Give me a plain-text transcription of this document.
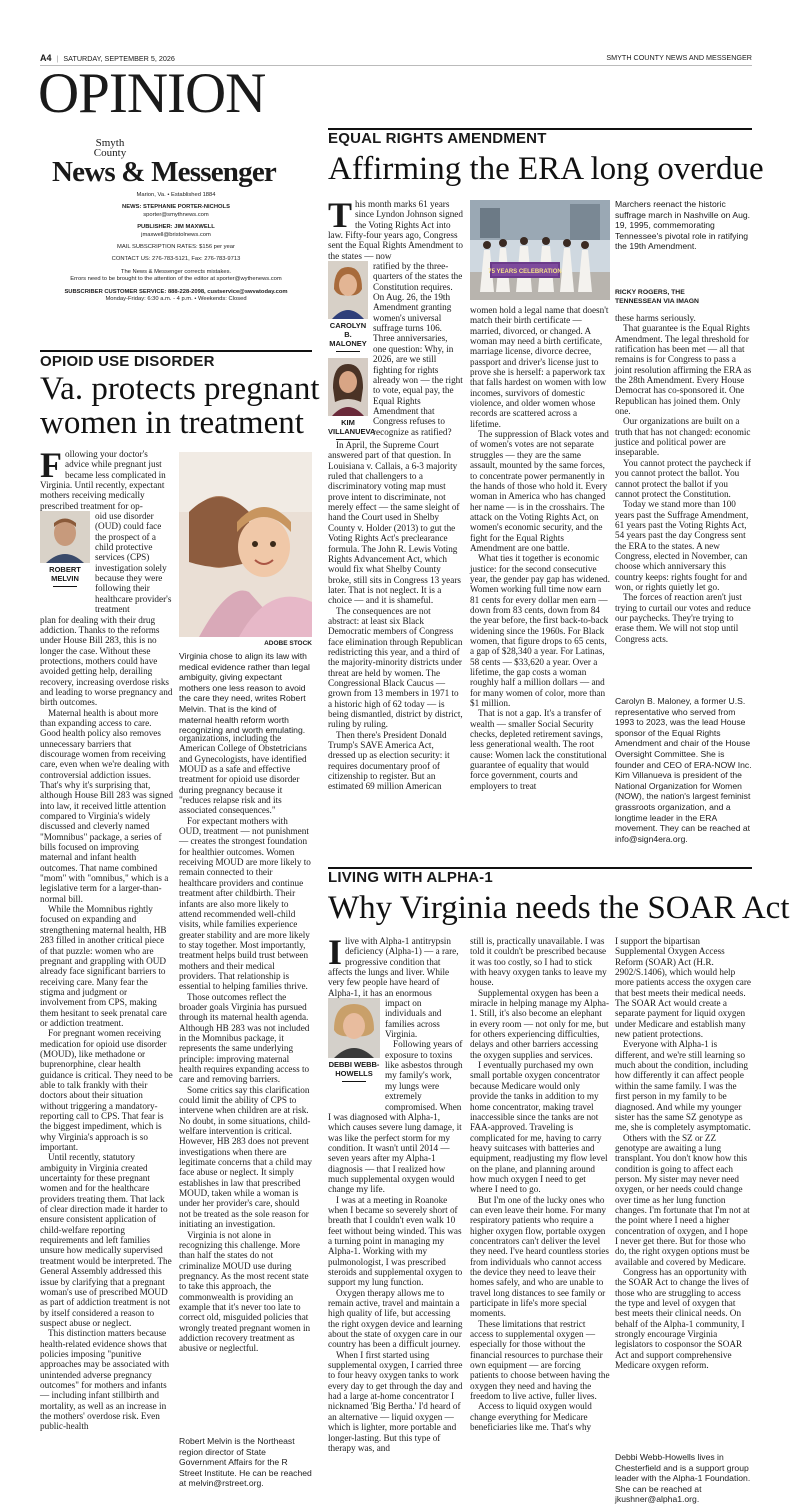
A4 | SATURDAY, SEPTEMBER 5, 2026	SMYTH COUNTY NEWS AND MESSENGER
OPINION
Smyth
County
News & Messenger
Marion, Va. • Established 1884
NEWS: STEPHANIE PORTER-NICHOLS
sporter@smythnews.com
PUBLISHER: JIM MAXWELL
jmaxwell@bristolnews.com
MAIL SUBSCRIPTION RATES: $156 per year
CONTACT US: 276-783-5121, Fax: 276-783-9713
The News & Messenger corrects mistakes.
Errors need to be brought to the attention of the editor at sporter@wythenews.com
SUBSCRIBER CUSTOMER SERVICE: 888-228-2098, custservice@swvatoday.com
Monday-Friday: 6:30 a.m. - 4 p.m. • Weekends: Closed
OPIOID USE DISORDER
Va. protects pregnant
women in treatment

Following your doctor's advice while pregnant just became less complicated in Virginia. Until recently, expectant mothers receiving medically prescribed treatment for op-

ROBERT
MELVIN

oid use disorder (OUD) could face the prospect of a child protective services (CPS) investigation solely because they were following their healthcare provider's treatment

plan for dealing with their drug addiction. Thanks to the reforms under House Bill 283, this is no longer the case. Without these protections, mothers could have avoided getting help, derailing recovery, increasing overdose risks and leading to worse pregnancy and birth outcomes.

Maternal health is about more than expanding access to care. Good health policy also removes unnecessary barriers that discourage women from receiving care, even when we're dealing with controversial addiction issues. That's why it's surprising that, although House Bill 283 was signed into law, it received little attention compared to Virginia's widely discussed and cleverly named "Momnibus" package, a series of bills focused on improving maternal and infant health outcomes. That name combined "mom" with "omnibus," which is a legislative term for a larger-than-normal bill.

While the Momnibus rightly focused on expanding and strengthening maternal health, HB 283 filled in another critical piece of that puzzle: women who are pregnant and grappling with OUD already face significant barriers to receiving care. Many fear the stigma and judgment or involvement from CPS, making them hesitant to seek prenatal care or addiction treatment.

For pregnant women receiving medication for opioid use disorder (MOUD), like methadone or buprenorphine, clear health guidance is critical. They need to be able to talk frankly with their doctors about their situation without triggering a mandatory-reporting call to CPS. That fear is the biggest impediment, which is why Virginia's approach is so important.

Until recently, statutory ambiguity in Virginia created uncertainty for these pregnant women and for the healthcare providers treating them. That lack of clear direction made it harder to ensure consistent application of child-welfare reporting requirements and left families unsure how medically supervised treatment would be interpreted. The General Assembly addressed this issue by clarifying that a pregnant woman's use of prescribed MOUD as part of addiction treatment is not by itself considered a reason to suspect abuse or neglect.

This distinction matters because health-related evidence shows that policies imposing "punitive approaches may be associated with unintended adverse pregnancy outcomes" for mothers and infants — including infant stillbirth and mortality, as well as an increase in the mothers' overdose risk. Even public-health

ADOBE STOCK
Virginia chose to align its law with medical evidence rather than legal ambiguity, giving expectant mothers one less reason to avoid the care they need, writes Robert Melvin. That is the kind of maternal health reform worth recognizing and worth emulating.

organizations, including the American College of Obstetricians and Gynecologists, have identified MOUD as a safe and effective treatment for opioid use disorder during pregnancy because it "reduces relapse risk and its associated consequences."

For expectant mothers with OUD, treatment — not punishment — creates the strongest foundation for healthier outcomes. Women receiving MOUD are more likely to remain connected to their healthcare providers and continue treatment after childbirth. Their infants are also more likely to attend recommended well-child visits, while families experience greater stability and are more likely to stay together. Most importantly, treatment helps build trust between mothers and their medical providers. That relationship is essential to helping families thrive.

Those outcomes reflect the broader goals Virginia has pursued through its maternal health agenda. Although HB 283 was not included in the Momnibus package, it represents the same underlying principle: improving maternal health requires expanding access to care and removing barriers.

Some critics say this clarification could limit the ability of CPS to intervene when children are at risk. No doubt, in some situations, child-welfare intervention is critical. However, HB 283 does not prevent investigations when there are legitimate concerns that a child may face abuse or neglect. It simply establishes in law that prescribed MOUD, taken while a woman is under her provider's care, should not be treated as the sole reason for initiating an investigation.

Virginia is not alone in recognizing this challenge. More than half the states do not criminalize MOUD use during pregnancy. As the most recent state to take this approach, the commonwealth is providing an example that it's never too late to correct old, misguided policies that wrongly treated pregnant women in addiction recovery treatment as abusive or neglectful.

Robert Melvin is the Northeast region director of State Government Affairs for the R Street Institute. He can be reached at melvin@rstreet.org.
EQUAL RIGHTS AMENDMENT
Affirming the ERA long overdue

This month marks 61 years since Lyndon Johnson signed the Voting Rights Act into law. Fifty-four years ago, Congress sent the Equal Rights Amendment to the states — now

CAROLYN B.
MALONEY
KIM
VILLANUEVA

ratified by the three-quarters of the states the Constitution requires. On Aug. 26, the 19th Amendment granting women's universal suffrage turns 106. Three anniversaries, one question: Why, in 2026, are we still fighting for rights already won — the right to vote, equal pay, the Equal Rights Amendment that Congress refuses to recognize as ratified?

In April, the Supreme Court answered part of that question. In Louisiana v. Callais, a 6-3 majority ruled that challengers to a discriminatory voting map must prove intent to discriminate, not merely effect — the same sleight of hand the Court used in Shelby County v. Holder (2013) to gut the Voting Rights Act's preclearance formula. The John R. Lewis Voting Rights Advancement Act, which would fix what Shelby County broke, still sits in Congress 13 years later. That is not neglect. It is a choice — and it is shameful.

The consequences are not abstract: at least six Black Democratic members of Congress face elimination through Republican redistricting this year, and a third of the majority-minority districts under threat are held by women. The Congressional Black Caucus — grown from 13 members in 1971 to a historic high of 62 today — is being dismantled, district by district, ruling by ruling.

Then there's President Donald Trump's SAVE America Act, dressed up as election security: it requires documentary proof of citizenship to register. But an estimated 69 million American

75 YEARS CELEBRATION
Marchers reenact the historic suffrage march in Nashville on Aug. 19, 1995, commemorating Tennessee's pivotal role in ratifying the 19th Amendment.
RICKY ROGERS, THE
TENNESSEAN VIA IMAGN

women hold a legal name that doesn't match their birth certificate — married, divorced, or changed. A woman may need a birth certificate, marriage license, divorce decree, passport and driver's license just to prove she is herself: a paperwork tax that falls hardest on women with low incomes, survivors of domestic violence, and older women whose records are scattered across a lifetime.

The suppression of Black votes and of women's votes are not separate struggles — they are the same assault, mounted by the same forces, to concentrate power permanently in the hands of those who hold it. Every woman in America who has changed her name — is in the crosshairs. The attack on the Voting Rights Act, on women's economic security, and the fight for the Equal Rights Amendment are one battle.

What ties it together is economic justice: for the second consecutive year, the gender pay gap has widened. Women working full time now earn 81 cents for every dollar men earn — down from 83 cents, down from 84 the year before, the first back-to-back widening since the 1960s. For Black women, that figure drops to 65 cents, a gap of $28,340 a year. For Latinas, 58 cents — $33,620 a year. Over a lifetime, the gap costs a woman roughly half a million dollars — and for many women of color, more than $1 million.

That is not a gap. It's a transfer of wealth — smaller Social Security checks, depleted retirement savings, less generational wealth. The root cause: Women lack the constitutional guarantee of equality that would force government, courts and employers to treat

these harms seriously.

That guarantee is the Equal Rights Amendment. The legal threshold for ratification has been met — all that remains is for Congress to pass a joint resolution affirming the ERA as the 28th Amendment. Every House Democrat has co-sponsored it. One Republican has joined them. Only one.

Our organizations are built on a truth that has not changed: economic justice and political power are inseparable.

You cannot protect the paycheck if you cannot protect the ballot. You cannot protect the ballot if you cannot protect the Constitution.

Today we stand more than 100 years past the Suffrage Amendment, 61 years past the Voting Rights Act, 54 years past the day Congress sent the ERA to the states. A new Congress, elected in November, can choose which anniversary this country keeps: rights fought for and won, or rights quietly let go.

The forces of reaction aren't just trying to curtail our votes and reduce our paychecks. They're trying to erase them. We will not stop until Congress acts.

Carolyn B. Maloney, a former U.S. representative who served from 1993 to 2023, was the lead House sponsor of the Equal Rights Amendment and chair of the House Oversight Committee. She is founder and CEO of ERA-NOW Inc. Kim Villanueva is president of the National Organization for Women (NOW), the nation's largest feminist grassroots organization, and a longtime leader in the ERA movement. They can be reached at info@sign4era.org.
LIVING WITH ALPHA-1
Why Virginia needs the SOAR Act

Ilive with Alpha-1 antitrypsin deficiency (Alpha-1) — a rare, progressive condition that affects the lungs and liver. While very few people have heard of Alpha-1, it has an enormous

DEBBI WEBB-
HOWELLS

impact on individuals and families across Virginia.

Following years of exposure to toxins like asbestos through my family's work, my lungs were extremely compromised. When

I was diagnosed with Alpha-1, which causes severe lung damage, it was like the perfect storm for my condition. It wasn't until 2014 — seven years after my Alpha-1 diagnosis — that I realized how much supplemental oxygen would change my life.

I was at a meeting in Roanoke when I became so severely short of breath that I couldn't even walk 10 feet without being winded. This was a turning point in managing my Alpha-1. Working with my pulmonologist, I was prescribed steroids and supplemental oxygen to support my lung function.

Oxygen therapy allows me to remain active, travel and maintain a high quality of life, but accessing the right oxygen device and learning about the state of oxygen care in our country has been a difficult journey.

When I first started using supplemental oxygen, I carried three to four heavy oxygen tanks to work every day to get through the day and had a large at-home concentrator I nicknamed 'Big Bertha.' I'd heard of an alternative — liquid oxygen — which is lighter, more portable and longer-lasting. But this type of therapy was, and

still is, practically unavailable. I was told it couldn't be prescribed because it was too costly, so I had to stick with heavy oxygen tanks to leave my house.

Supplemental oxygen has been a miracle in helping manage my Alpha-1. Still, it's also become an elephant in every room — not only for me, but for others experiencing difficulties, delays and other barriers accessing the oxygen supplies and services.

I eventually purchased my own small portable oxygen concentrator because Medicare would only provide the tanks in addition to my home concentrator, making travel inaccessible since the tanks are not FAA-approved. Traveling is complicated for me, having to carry heavy suitcases with batteries and equipment, readjusting my flow level on the plane, and planning around how much oxygen I need to get where I need to go.

But I'm one of the lucky ones who can even leave their home. For many respiratory patients who require a higher oxygen flow, portable oxygen concentrators can't deliver the level they need. I've heard countless stories from individuals who cannot access the device they need to leave their homes safely, and who are unable to travel long distances to see family or participate in life's more special moments.

These limitations that restrict access to supplemental oxygen — especially for those without the financial resources to purchase their own equipment — are forcing patients to choose between having the oxygen they need and having the freedom to live active, fuller lives.

Access to liquid oxygen would change everything for Medicare beneficiaries like me. That's why

I support the bipartisan Supplemental Oxygen Access Reform (SOAR) Act (H.R. 2902/S.1406), which would help more patients access the oxygen care that best meets their medical needs. The SOAR Act would create a separate payment for liquid oxygen under Medicare and establish many new patient protections.

Everyone with Alpha-1 is different, and we're still learning so much about the condition, including how differently it can affect people within the same family. I was the first person in my family to be diagnosed. And while my younger sister has the same SZ genotype as me, she is completely asymptomatic.

Others with the SZ or ZZ genotype are awaiting a lung transplant. You don't know how this condition is going to affect each person. My sister may never need oxygen, or her needs could change over time as her lung function changes. I'm fortunate that I'm not at the point where I need a higher concentration of oxygen, and I hope I never get there. But for those who do, the right oxygen options must be available and covered by Medicare.

Congress has an opportunity with the SOAR Act to change the lives of those who are struggling to access the type and level of oxygen that best meets their clinical needs. On behalf of the Alpha-1 community, I strongly encourage Virginia legislators to cosponsor the SOAR Act and support comprehensive Medicare oxygen reform.

Debbi Webb-Howells lives in Chesterfield and is a support group leader with the Alpha-1 Foundation. She can be reached at jkushner@alpha1.org.
